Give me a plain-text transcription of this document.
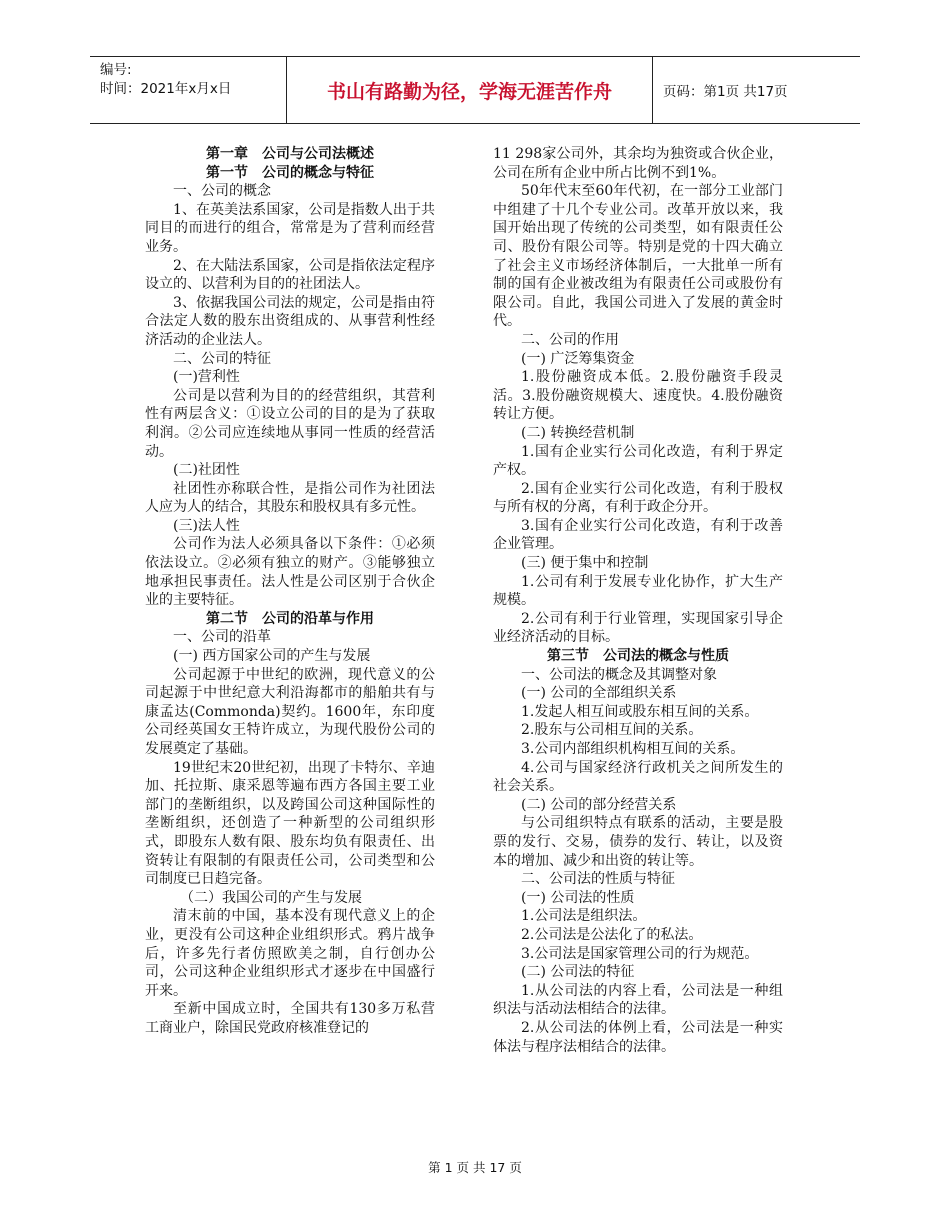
编号:
时间：2021年x月x日	书山有路勤为径，学海无涯苦作舟	页码：第1页 共17页

第一章　公司与公司法概述

第一节　公司的概念与特征

一、公司的概念

1、在英美法系国家，公司是指数人出于共同目的而进行的组合，常常是为了营利而经营业务。

2、在大陆法系国家，公司是指依法定程序设立的、以营利为目的的社团法人。

3、依据我国公司法的规定，公司是指由符合法定人数的股东出资组成的、从事营利性经济活动的企业法人。

二、公司的特征

(一)营利性

公司是以营利为目的的经营组织，其营利性有两层含义：①设立公司的目的是为了获取利润。②公司应连续地从事同一性质的经营活动。

(二)社团性

社团性亦称联合性，是指公司作为社团法人应为人的结合，其股东和股权具有多元性。

(三)法人性

公司作为法人必须具备以下条件：①必须依法设立。②必须有独立的财产。③能够独立地承担民事责任。法人性是公司区别于合伙企业的主要特征。

第二节　公司的沿革与作用

一、公司的沿革

(一) 西方国家公司的产生与发展

公司起源于中世纪的欧洲，现代意义的公司起源于中世纪意大利沿海都市的船舶共有与康孟达(Commonda)契约。1600年，东印度公司经英国女王特许成立，为现代股份公司的发展奠定了基础。

19世纪末20世纪初，出现了卡特尔、辛迪加、托拉斯、康采恩等遍布西方各国主要工业部门的垄断组织，以及跨国公司这种国际性的垄断组织，还创造了一种新型的公司组织形式，即股东人数有限、股东均负有限责任、出资转让有限制的有限责任公司，公司类型和公司制度已日趋完备。

　（二）我国公司的产生与发展

清末前的中国，基本没有现代意义上的企业，更没有公司这种企业组织形式。鸦片战争后，许多先行者仿照欧美之制，自行创办公司，公司这种企业组织形式才逐步在中国盛行开来。

至新中国成立时，全国共有130多万私营工商业户，除国民党政府核准登记的

11 298家公司外，其余均为独资或合伙企业，公司在所有企业中所占比例不到1%。

50年代末至60年代初，在一部分工业部门中组建了十几个专业公司。改革开放以来，我国开始出现了传统的公司类型，如有限责任公司、股份有限公司等。特别是党的十四大确立了社会主义市场经济体制后，一大批单一所有制的国有企业被改组为有限责任公司或股份有限公司。自此，我国公司进入了发展的黄金时代。

二、公司的作用

(一) 广泛筹集资金

1.股份融资成本低。2.股份融资手段灵活。3.股份融资规模大、速度快。4.股份融资转让方便。

(二) 转换经营机制

1.国有企业实行公司化改造，有利于界定产权。

2.国有企业实行公司化改造，有利于股权与所有权的分离，有利于政企分开。

3.国有企业实行公司化改造，有利于改善企业管理。

(三) 便于集中和控制

1.公司有利于发展专业化协作，扩大生产规模。

2.公司有利于行业管理，实现国家引导企业经济活动的目标。

第三节　公司法的概念与性质

一、公司法的概念及其调整对象

(一) 公司的全部组织关系

1.发起人相互间或股东相互间的关系。

2.股东与公司相互间的关系。

3.公司内部组织机构相互间的关系。

4.公司与国家经济行政机关之间所发生的社会关系。

(二) 公司的部分经营关系

与公司组织特点有联系的活动，主要是股票的发行、交易，债券的发行、转让，以及资本的增加、减少和出资的转让等。

二、公司法的性质与特征

(一) 公司法的性质

1.公司法是组织法。

2.公司法是公法化了的私法。

3.公司法是国家管理公司的行为规范。

(二) 公司法的特征

1.从公司法的内容上看，公司法是一种组织法与活动法相结合的法律。

2.从公司法的体例上看，公司法是一种实体法与程序法相结合的法律。

第 1 页 共 17 页
